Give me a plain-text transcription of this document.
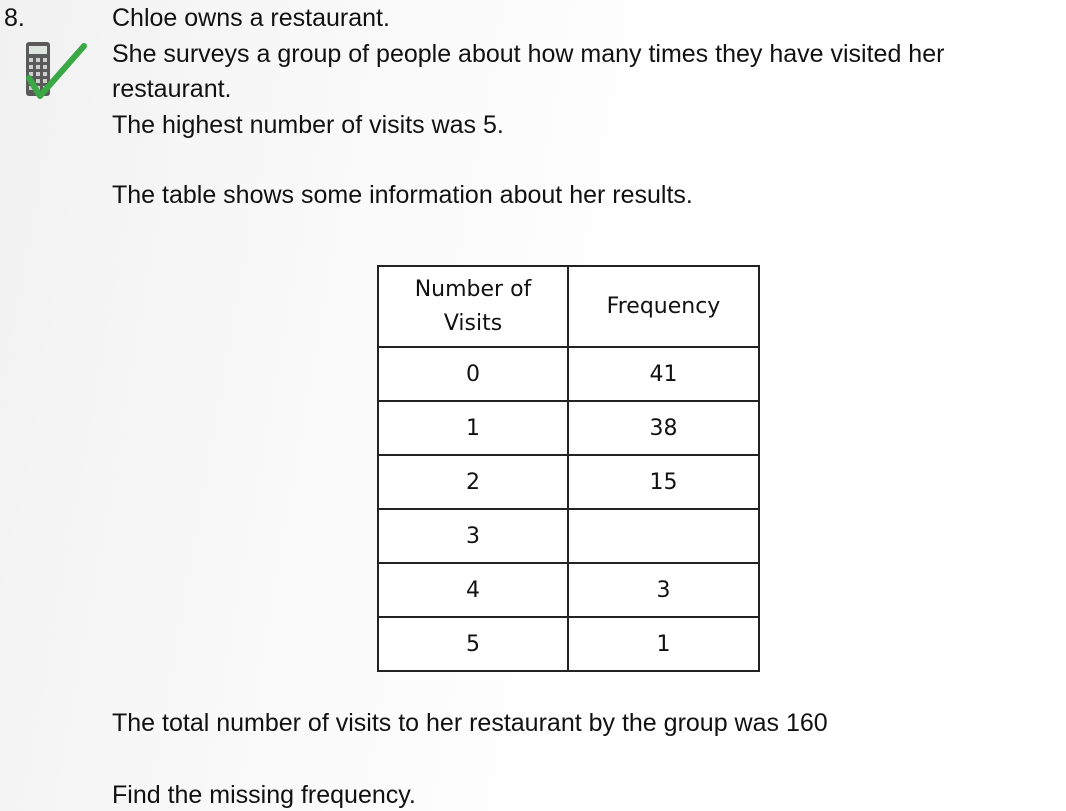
8.	Chloe owns a restaurant.
She surveys a group of people about how many times they have visited her
restaurant.
The highest number of visits was 5.
The table shows some information about her results.
Number of
Visits	Frequency
0	41
1	38
2	15
3	
4	3
5	1
The total number of visits to her restaurant by the group was 160
Find the missing frequency.
